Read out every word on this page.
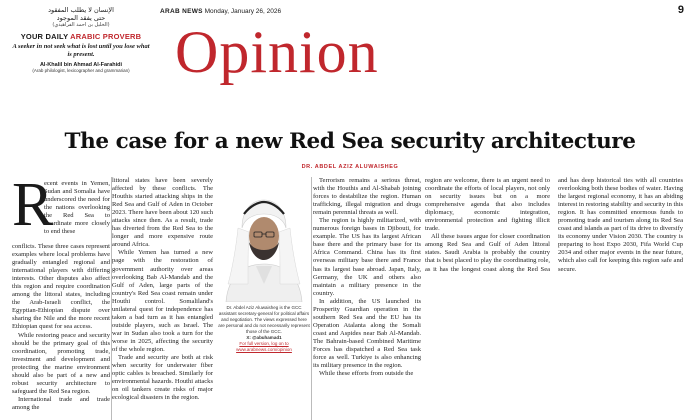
الإنسان لا يطلب المفقود
حتى يفقد الموجود
(الخليل بن احمد الفراهيدي)
YOUR DAILY ARABIC PROVERB
A seeker in not seek what is lost until you lose what is present.
Al-Khalil bin Ahmad Al-Farahidi
(Arab philologist, lexicographer and grammarian)
ARAB NEWS Monday, January 26, 2026	9
Opinion
The case for a new Red Sea security architecture
DR. ABDEL AZIZ ALUWAISHEG
R
ecent events in Yemen, Sudan and Somalia have underscored the need for the nations overlooking the Red Sea to coordinate more closely to end these

conflicts. These three cases represent examples where local problems have gradually entangled regional and international players with differing interests. Other disputes also affect this region and require coordination among the littoral states, including the Arab-Israeli conflict, the Egyptian-Ethiopian dispute over sharing the Nile and the more recent Ethiopian quest for sea access.

While restoring peace and security should be the primary goal of this coordination, promoting trade, investment and development and protecting the marine environment should also be part of a new and robust security architecture to safeguard the Red Sea region.

International trade and trade among the

littoral states have been severely affected by these conflicts. The Houthis started attacking ships in the Red Sea and Gulf of Aden in October 2023. There have been about 120 such attacks since then. As a result, trade has diverted from the Red Sea to the longer and more expensive route around Africa.

While Yemen has turned a new page with the restoration of government authority over areas overlooking Bab Al-Mandab and the Gulf of Aden, large parts of the country's Red Sea coast remain under Houthi control. Somaliland's unilateral quest for independence has taken a bad turn as it has entangled outside players, such as Israel. The war in Sudan also took a turn for the worse in 2025, affecting the security of the whole region.

Trade and security are both at risk when security for underwater fiber optic cables is breached. Similarly for environmental hazards. Houthi attacks on oil tankers create risks of major ecological disasters in the region.

Dr. Abdel Aziz Aluwaisheg is the GCC assistant secretary-general for political affairs and negotiation. The views expressed here are personal and do not necessarily represent those of the GCC.
X: @abuhamad1
For full version, log on to www.arabnews.com/opinion

Terrorism remains a serious threat, with the Houthis and Al-Shabab joining forces to destabilize the region. Human trafficking, illegal migration and drugs remain perennial threats as well.

The region is highly militarized, with numerous foreign bases in Djibouti, for example. The US has its largest African base there and the primary base for its Africa Command. China has its first overseas military base there and France has its largest base abroad. Japan, Italy, Germany, the UK and others also maintain a military presence in the country.

In addition, the US launched its Prosperity Guardian operation in the southern Red Sea and the EU has its Operation Atalanta along the Somali coast and Aspides near Bab Al-Mandab. The Bahrain-based Combined Maritime Forces has dispatched a Red Sea task force as well. Turkiye is also enhancing its military presence in the region.

While these efforts from outside the

region are welcome, there is an urgent need to coordinate the efforts of local players, not only on security issues but on a more comprehensive agenda that also includes diplomacy, economic integration, environmental protection and fighting illicit trade.

All these issues argue for closer coordination among Red Sea and Gulf of Aden littoral states. Saudi Arabia is probably the country that is best placed to play the coordinating role, as it has the longest coast along the Red Sea and has deep historical ties with all countries overlooking both these bodies of water. Having the largest regional economy, it has an abiding interest in restoring stability and security in this region. It has committed enormous funds to promoting trade and tourism along its Red Sea coast and islands as part of its drive to diversify its economy under Vision 2030. The country is preparing to host Expo 2030, Fifa World Cup 2034 and other major events in the near future, which also call for keeping this region safe and secure.
